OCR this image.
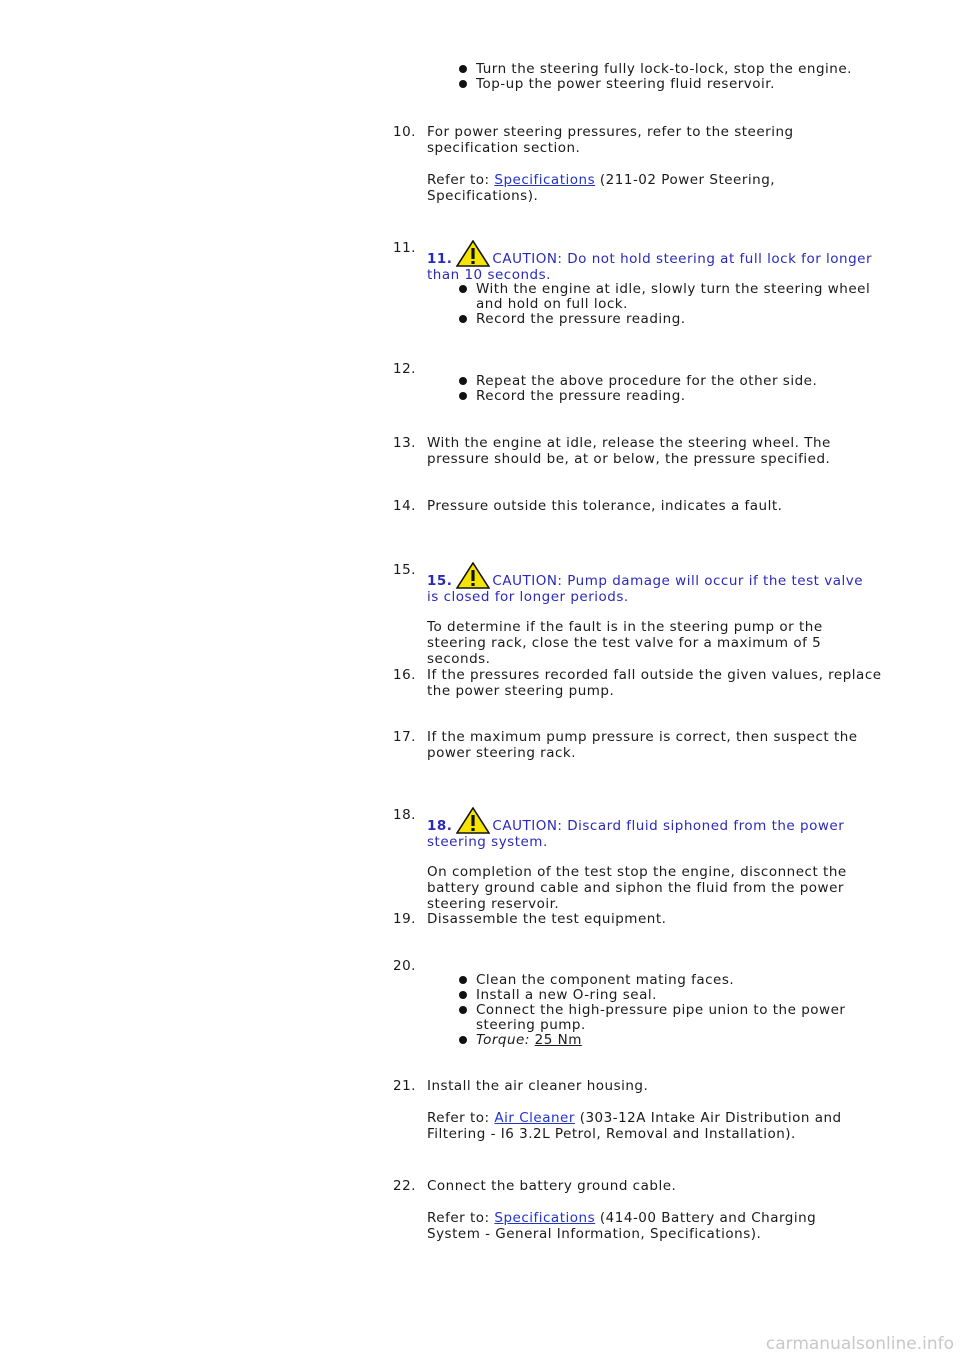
Turn the steering fully lock-to-lock, stop the engine.
Top-up the power steering fluid reservoir.
10. For power steering pressures, refer to the steering specification section.

Refer to: Specifications (211-02 Power Steering, Specifications).

11.

11.	CAUTION: Do not hold steering at full lock for longer than 10 seconds.

With the engine at idle, slowly turn the steering wheel and hold on full lock.
Record the pressure reading.
12.
Repeat the above procedure for the other side.
Record the pressure reading.
13. With the engine at idle, release the steering wheel. The pressure should be, at or below, the pressure specified.

14. Pressure outside this tolerance, indicates a fault.

15.

15.	CAUTION: Pump damage will occur if the test valve is closed for longer periods.

To determine if the fault is in the steering pump or the steering rack, close the test valve for a maximum of 5 seconds.

16. If the pressures recorded fall outside the given values, replace the power steering pump.

17. If the maximum pump pressure is correct, then suspect the power steering rack.

18.

18.	CAUTION: Discard fluid siphoned from the power steering system.

On completion of the test stop the engine, disconnect the battery ground cable and siphon the fluid from the power steering reservoir.

19. Disassemble the test equipment.

20.
Clean the component mating faces.
Install a new O-ring seal.
Connect the high-pressure pipe union to the power steering pump.
Torque: 25 Nm
21. Install the air cleaner housing.

Refer to: Air Cleaner (303-12A Intake Air Distribution and Filtering - I6 3.2L Petrol, Removal and Installation).

22. Connect the battery ground cable.

Refer to: Specifications (414-00 Battery and Charging System - General Information, Specifications).

carmanualsonline.info
